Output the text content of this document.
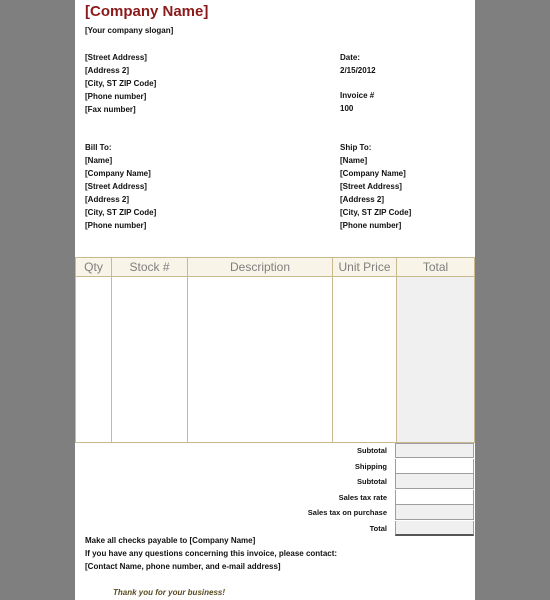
[Company Name]
[Your company slogan]
[Street Address]
[Address 2]
[City, ST ZIP Code]
[Phone number]
[Fax number]
Date:
2/15/2012
Invoice #
100
Bill To:
[Name]
[Company Name]
[Street Address]
[Address 2]
[City, ST ZIP Code]
[Phone number]
Ship To:
[Name]
[Company Name]
[Street Address]
[Address 2]
[City, ST ZIP Code]
[Phone number]
Qty	Stock #	Description	Unit Price	Total

Subtotal
Shipping
Subtotal
Sales tax rate
Sales tax on purchase
Total
Make all checks payable to [Company Name]
If you have any questions concerning this invoice, please contact:
[Contact Name, phone number, and e-mail address]
Thank you for your business!
